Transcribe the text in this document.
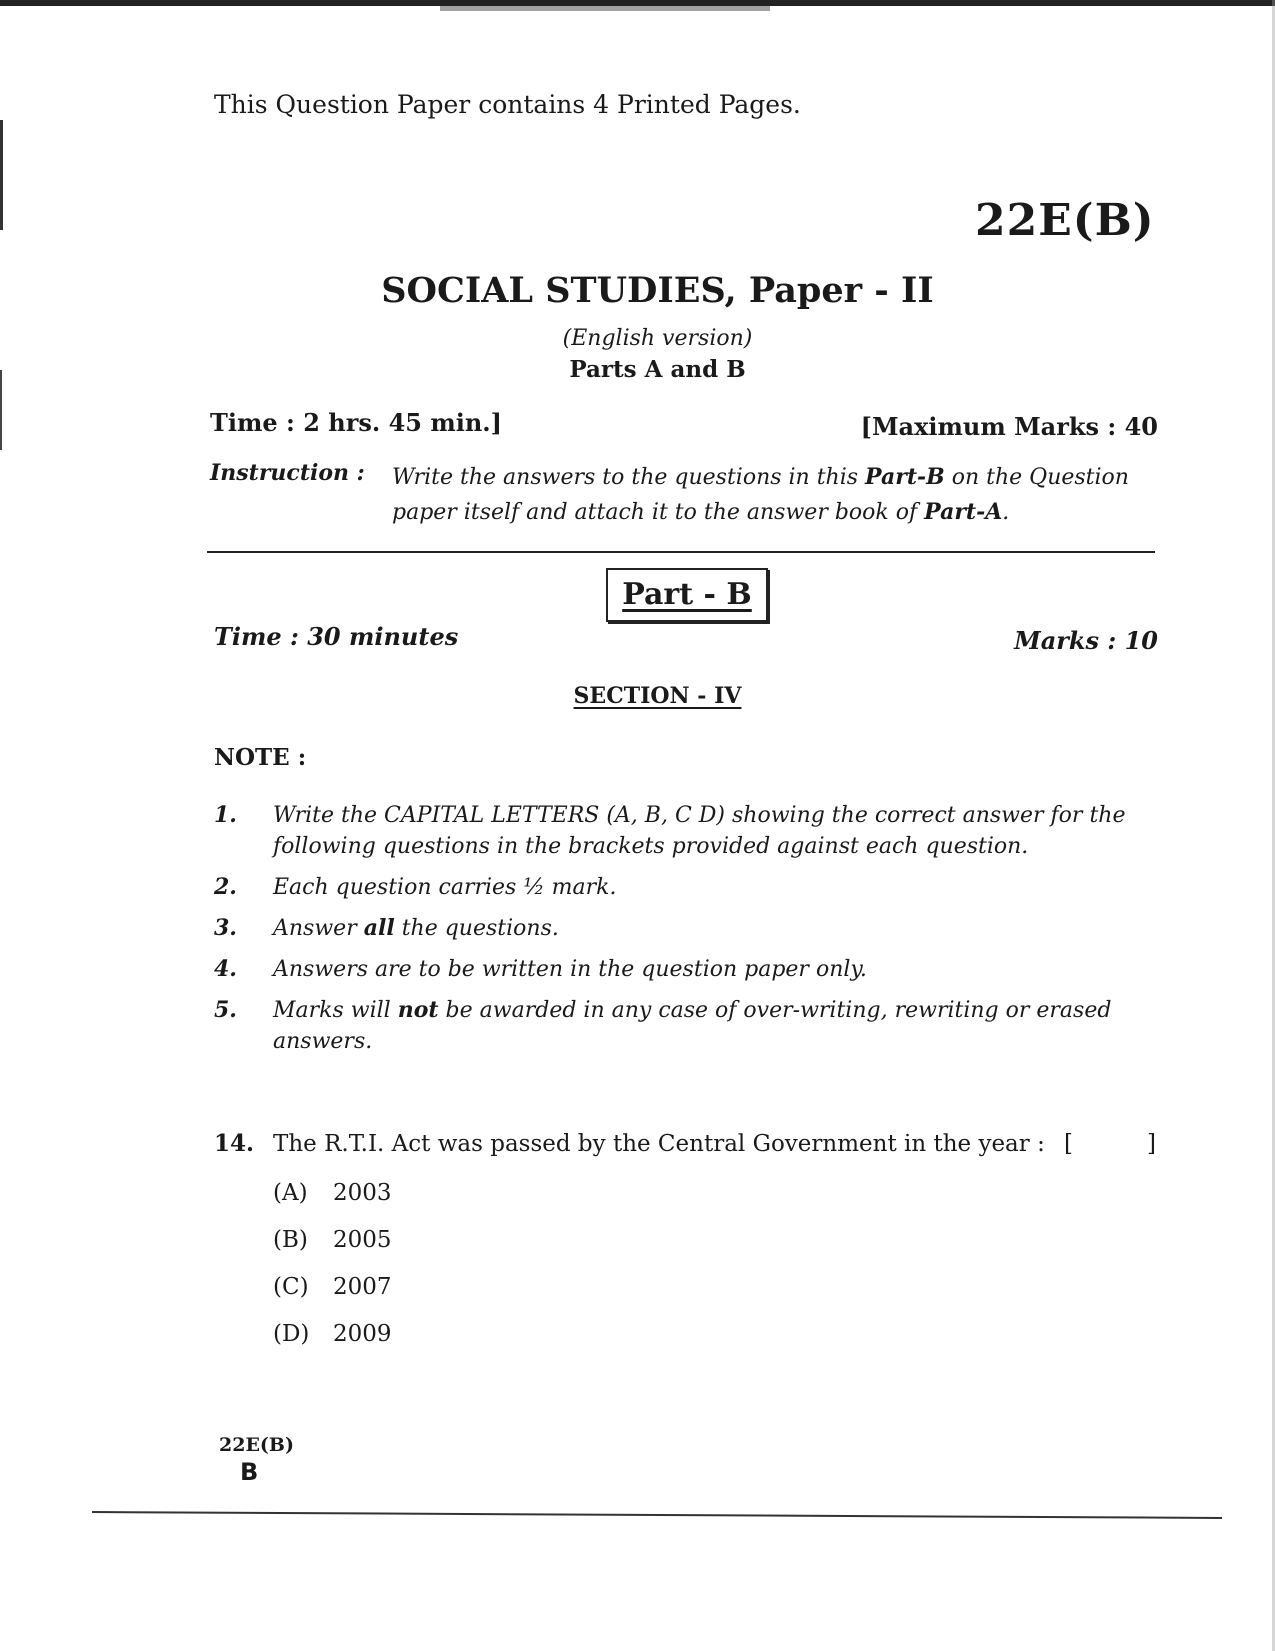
This Question Paper contains 4 Printed Pages.
22E(B)
SOCIAL STUDIES, Paper - II
(English version)
Parts A and B
Time : 2 hrs. 45 min.]	[Maximum Marks : 40
Instruction : Write the answers to the questions in this Part-B on the Question
paper itself and attach it to the answer book of Part-A.
Part - B
Time : 30 minutes	Marks : 10
SECTION - IV
NOTE :
1.	Write the CAPITAL LETTERS (A, B, C D) showing the correct answer for the following questions in the brackets provided against each question.
2.	Each question carries ½ mark.
3.	Answer all the questions.
4.	Answers are to be written in the question paper only.
5.	Marks will not be awarded in any case of over-writing, rewriting or erased answers.
14. The R.T.I. Act was passed by the Central Government in the year : [	]
(A)	2003
(B)	2005
(C)	2007
(D)	2009
22E(B)
B
